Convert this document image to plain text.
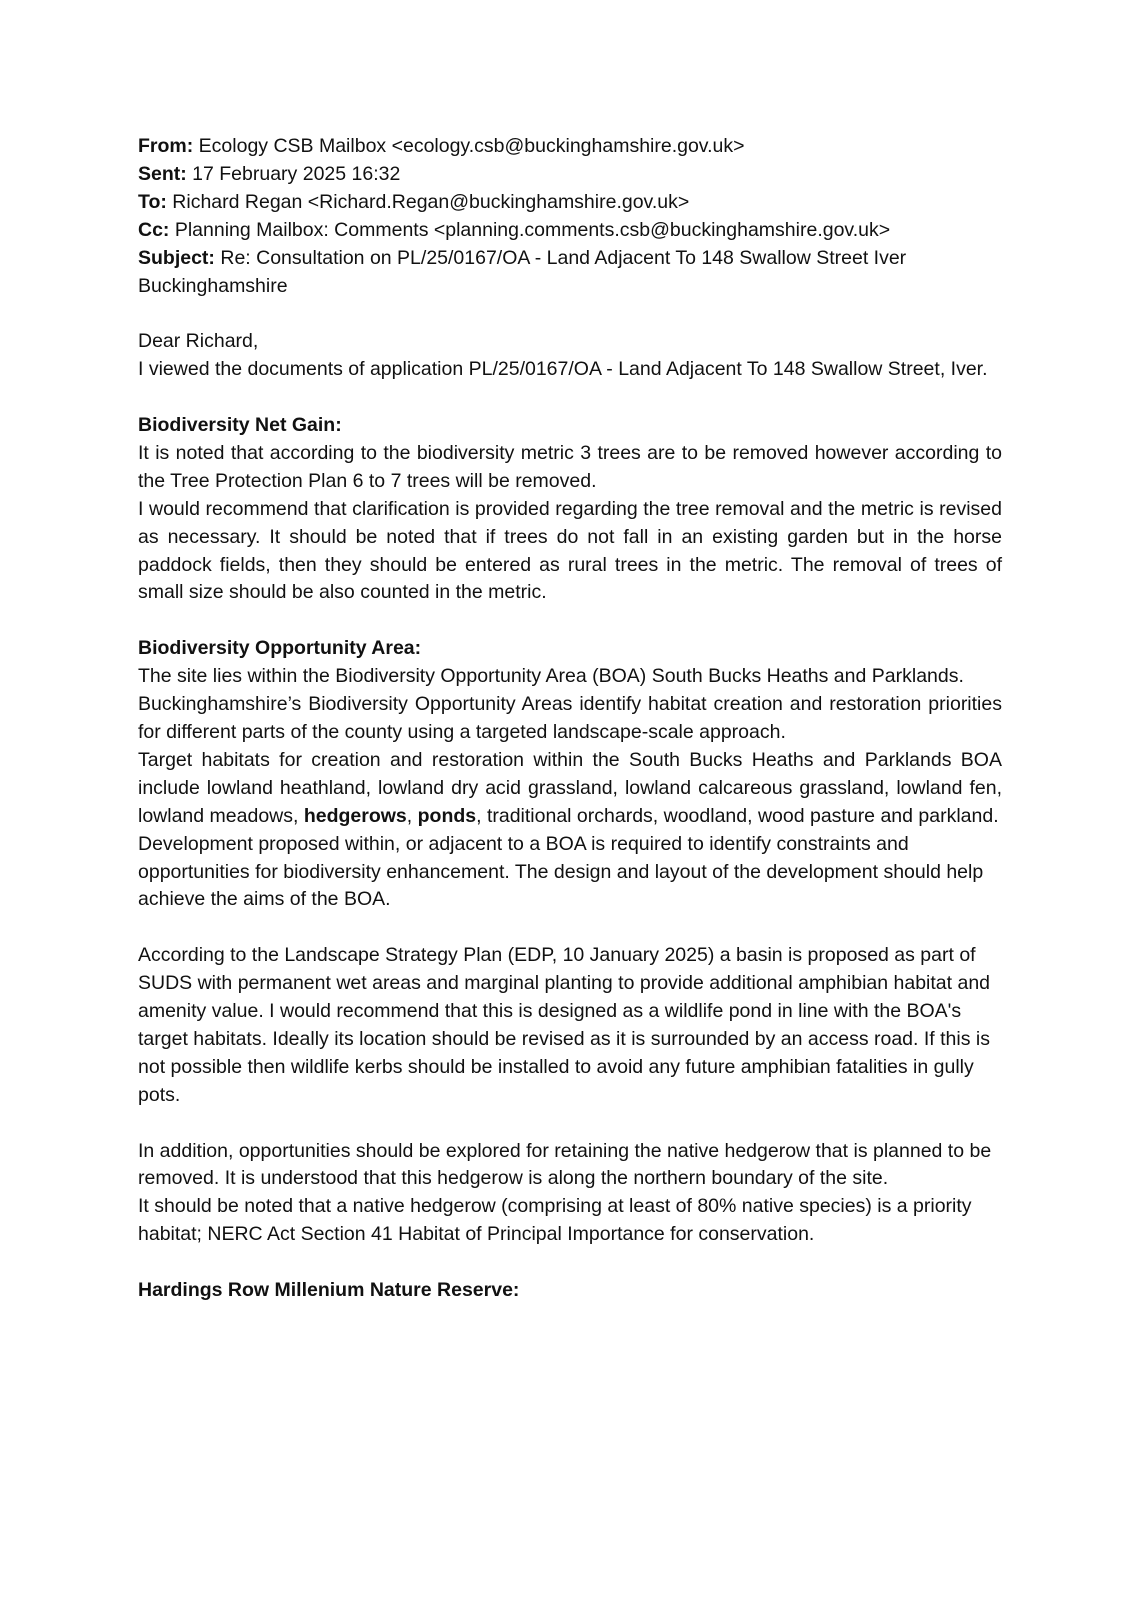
From: Ecology CSB Mailbox <ecology.csb@buckinghamshire.gov.uk>

Sent: 17 February 2025 16:32

To: Richard Regan <Richard.Regan@buckinghamshire.gov.uk>

Cc: Planning Mailbox: Comments <planning.comments.csb@buckinghamshire.gov.uk>

Subject: Re: Consultation on PL/25/0167/OA - Land Adjacent To 148 Swallow Street Iver Buckinghamshire

Dear Richard,

I viewed the documents of application PL/25/0167/OA - Land Adjacent To 148 Swallow Street, Iver.

Biodiversity Net Gain:

It is noted that according to the biodiversity metric 3 trees are to be removed however according to the Tree Protection Plan 6 to 7 trees will be removed.

I would recommend that clarification is provided regarding the tree removal and the metric is revised as necessary. It should be noted that if trees do not fall in an existing garden but in the horse paddock fields, then they should be entered as rural trees in the metric. The removal of trees of small size should be also counted in the metric.

Biodiversity Opportunity Area:

The site lies within the Biodiversity Opportunity Area (BOA) South Bucks Heaths and Parklands.

Buckinghamshire’s Biodiversity Opportunity Areas identify habitat creation and restoration priorities for different parts of the county using a targeted landscape-scale approach.

Target habitats for creation and restoration within the South Bucks Heaths and Parklands BOA include lowland heathland, lowland dry acid grassland, lowland calcareous grassland, lowland fen, lowland meadows, hedgerows, ponds, traditional orchards, woodland, wood pasture and parkland.

Development proposed within, or adjacent to a BOA is required to identify constraints and opportunities for biodiversity enhancement. The design and layout of the development should help achieve the aims of the BOA.

According to the Landscape Strategy Plan (EDP, 10 January 2025) a basin is proposed as part of SUDS with permanent wet areas and marginal planting to provide additional amphibian habitat and amenity value. I would recommend that this is designed as a wildlife pond in line with the BOA's target habitats. Ideally its location should be revised as it is surrounded by an access road. If this is not possible then wildlife kerbs should be installed to avoid any future amphibian fatalities in gully pots.

In addition, opportunities should be explored for retaining the native hedgerow that is planned to be removed. It is understood that this hedgerow is along the northern boundary of the site.

It should be noted that a native hedgerow (comprising at least of 80% native species) is a priority habitat; NERC Act Section 41 Habitat of Principal Importance for conservation.

Hardings Row Millenium Nature Reserve:
